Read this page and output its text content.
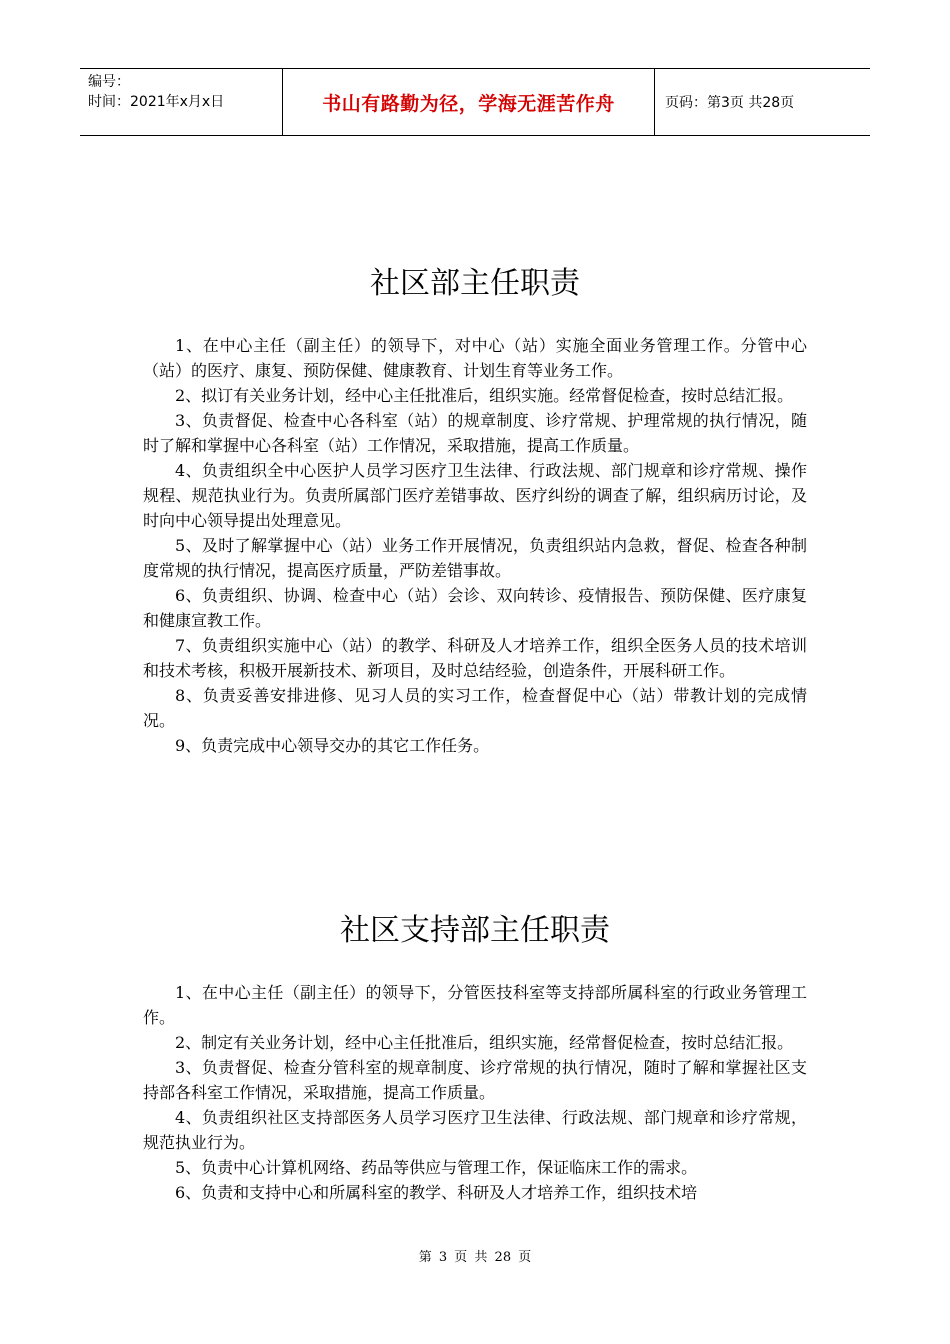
编号：
时间：2021年x月x日	书山有路勤为径，学海无涯苦作舟	页码：第3页 共28页
社区部主任职责

1、在中心主任（副主任）的领导下，对中心（站）实施全面业务管理工作。分管中心（站）的医疗、康复、预防保健、健康教育、计划生育等业务工作。

2、拟订有关业务计划，经中心主任批准后，组织实施。经常督促检查，按时总结汇报。

3、负责督促、检查中心各科室（站）的规章制度、诊疗常规、护理常规的执行情况，随时了解和掌握中心各科室（站）工作情况，采取措施，提高工作质量。

4、负责组织全中心医护人员学习医疗卫生法律、行政法规、部门规章和诊疗常规、操作规程、规范执业行为。负责所属部门医疗差错事故、医疗纠纷的调查了解，组织病历讨论，及时向中心领导提出处理意见。

5、及时了解掌握中心（站）业务工作开展情况，负责组织站内急救，督促、检查各种制度常规的执行情况，提高医疗质量，严防差错事故。

6、负责组织、协调、检查中心（站）会诊、双向转诊、疫情报告、预防保健、医疗康复和健康宣教工作。

7、负责组织实施中心（站）的教学、科研及人才培养工作，组织全医务人员的技术培训和技术考核，积极开展新技术、新项目，及时总结经验，创造条件，开展科研工作。

8、负责妥善安排进修、见习人员的实习工作，检查督促中心（站）带教计划的完成情况。

9、负责完成中心领导交办的其它工作任务。

社区支持部主任职责

1、在中心主任（副主任）的领导下，分管医技科室等支持部所属科室的行政业务管理工作。

2、制定有关业务计划，经中心主任批准后，组织实施，经常督促检查，按时总结汇报。

3、负责督促、检查分管科室的规章制度、诊疗常规的执行情况，随时了解和掌握社区支持部各科室工作情况，采取措施，提高工作质量。

4、负责组织社区支持部医务人员学习医疗卫生法律、行政法规、部门规章和诊疗常规，规范执业行为。

5、负责中心计算机网络、药品等供应与管理工作，保证临床工作的需求。

6、负责和支持中心和所属科室的教学、科研及人才培养工作，组织技术培

第 3 页 共 28 页
